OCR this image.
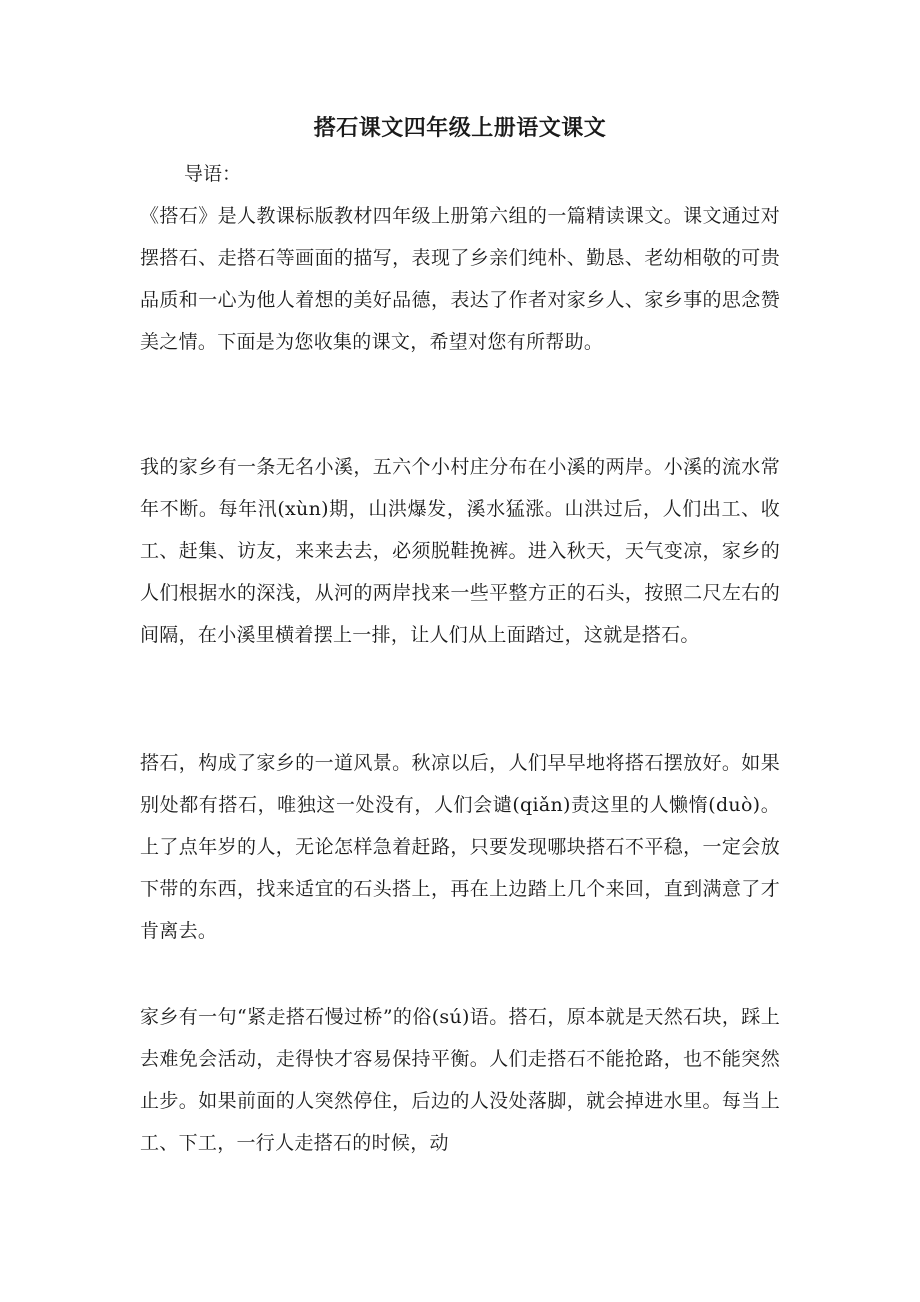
搭石课文四年级上册语文课文
导语：

《搭石》是人教课标版教材四年级上册第六组的一篇精读课文。课文通过对摆搭石、走搭石等画面的描写，表现了乡亲们纯朴、勤恳、老幼相敬的可贵品质和一心为他人着想的美好品德，表达了作者对家乡人、家乡事的思念赞美之情。下面是为您收集的课文，希望对您有所帮助。

我的家乡有一条无名小溪，五六个小村庄分布在小溪的两岸。小溪的流水常年不断。每年汛(xùn)期，山洪爆发，溪水猛涨。山洪过后，人们出工、收工、赶集、访友，来来去去，必须脱鞋挽裤。进入秋天，天气变凉，家乡的人们根据水的深浅，从河的两岸找来一些平整方正的石头，按照二尺左右的间隔，在小溪里横着摆上一排，让人们从上面踏过，这就是搭石。

搭石，构成了家乡的一道风景。秋凉以后，人们早早地将搭石摆放好。如果别处都有搭石，唯独这一处没有，人们会谴(qiǎn)责这里的人懒惰(duò)。上了点年岁的人，无论怎样急着赶路，只要发现哪块搭石不平稳，一定会放下带的东西，找来适宜的石头搭上，再在上边踏上几个来回，直到满意了才肯离去。

家乡有一句“紧走搭石慢过桥”的俗(sú)语。搭石，原本就是天然石块，踩上去难免会活动，走得快才容易保持平衡。人们走搭石不能抢路，也不能突然止步。如果前面的人突然停住，后边的人没处落脚，就会掉进水里。每当上工、下工，一行人走搭石的时候，动
